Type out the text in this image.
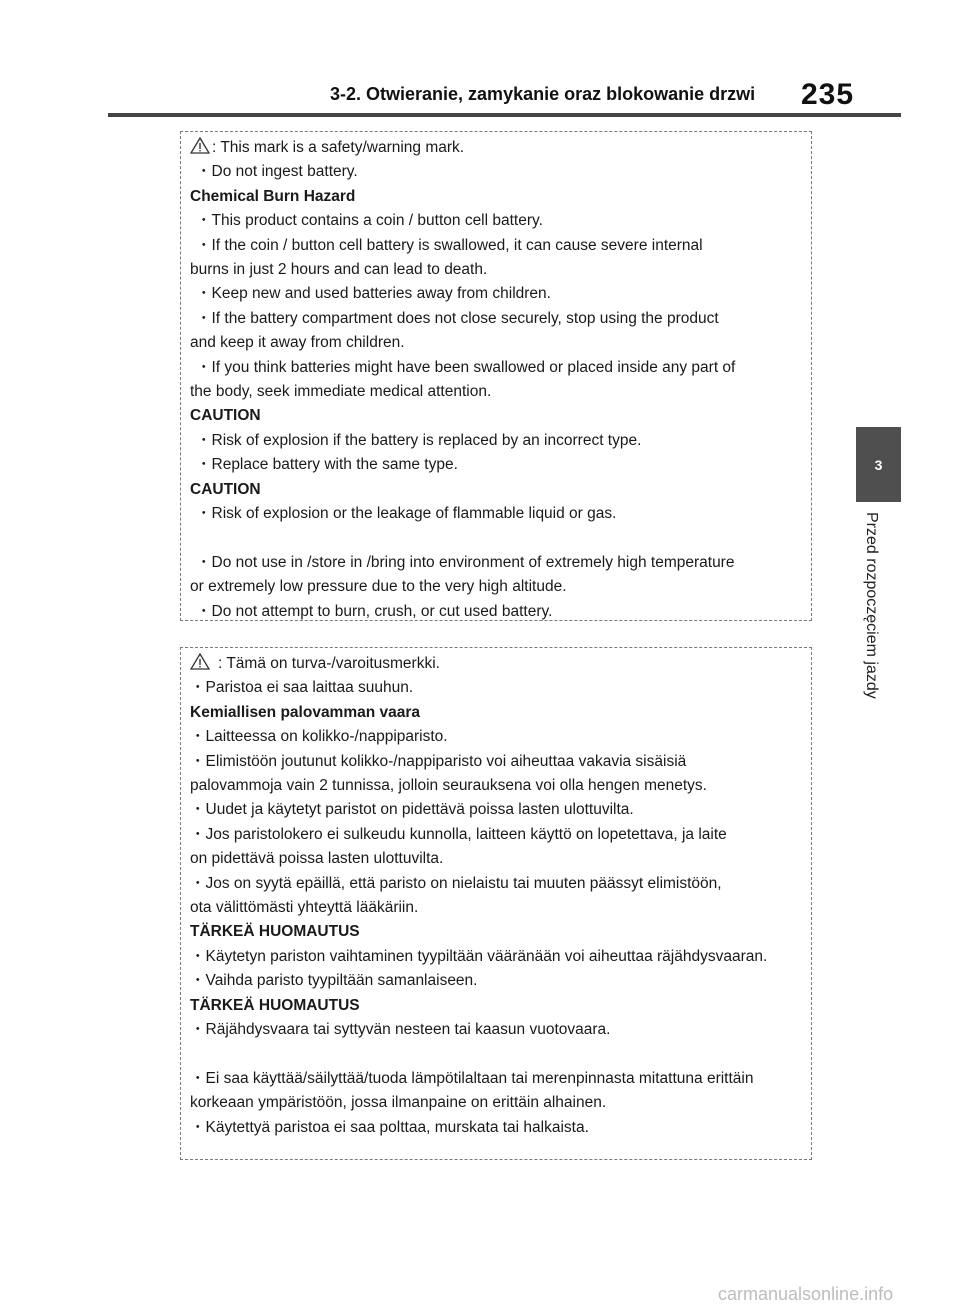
3-2. Otwieranie, zamykanie oraz blokowanie drzwi 235
3
Przed rozpoczęciem jazdy
: This mark is a safety/warning mark.
・Do not ingest battery.
Chemical Burn Hazard
・This product contains a coin / button cell battery.
・If the coin / button cell battery is swallowed, it can cause severe internal
burns in just 2 hours and can lead to death.
・Keep new and used batteries away from children.
・If the battery compartment does not close securely, stop using the product
and keep it away from children.
・If you think batteries might have been swallowed or placed inside any part of
the body, seek immediate medical attention.
CAUTION
・Risk of explosion if the battery is replaced by an incorrect type.
・Replace battery with the same type.
CAUTION
・Risk of explosion or the leakage of flammable liquid or gas.
・Do not use in /store in /bring into environment of extremely high temperature
or extremely low pressure due to the very high altitude.
・Do not attempt to burn, crush, or cut used battery.
: Tämä on turva-/varoitusmerkki.
・Paristoa ei saa laittaa suuhun.
Kemiallisen palovamman vaara
・Laitteessa on kolikko-/nappiparisto.
・Elimistöön joutunut kolikko-/nappiparisto voi aiheuttaa vakavia sisäisiä
palovammoja vain 2 tunnissa, jolloin seurauksena voi olla hengen menetys.
・Uudet ja käytetyt paristot on pidettävä poissa lasten ulottuvilta.
・Jos paristolokero ei sulkeudu kunnolla, laitteen käyttö on lopetettava, ja laite
on pidettävä poissa lasten ulottuvilta.
・Jos on syytä epäillä, että paristo on nielaistu tai muuten päässyt elimistöön,
ota välittömästi yhteyttä lääkäriin.
TÄRKEÄ HUOMAUTUS
・Käytetyn pariston vaihtaminen tyypiltään vääränään voi aiheuttaa räjähdysvaaran.
・Vaihda paristo tyypiltään samanlaiseen.
TÄRKEÄ HUOMAUTUS
・Räjähdysvaara tai syttyvän nesteen tai kaasun vuotovaara.
・Ei saa käyttää/säilyttää/tuoda lämpötilaltaan tai merenpinnasta mitattuna erittäin
korkeaan ympäristöön, jossa ilmanpaine on erittäin alhainen.
・Käytettyä paristoa ei saa polttaa, murskata tai halkaista.
carmanualsonline.info
